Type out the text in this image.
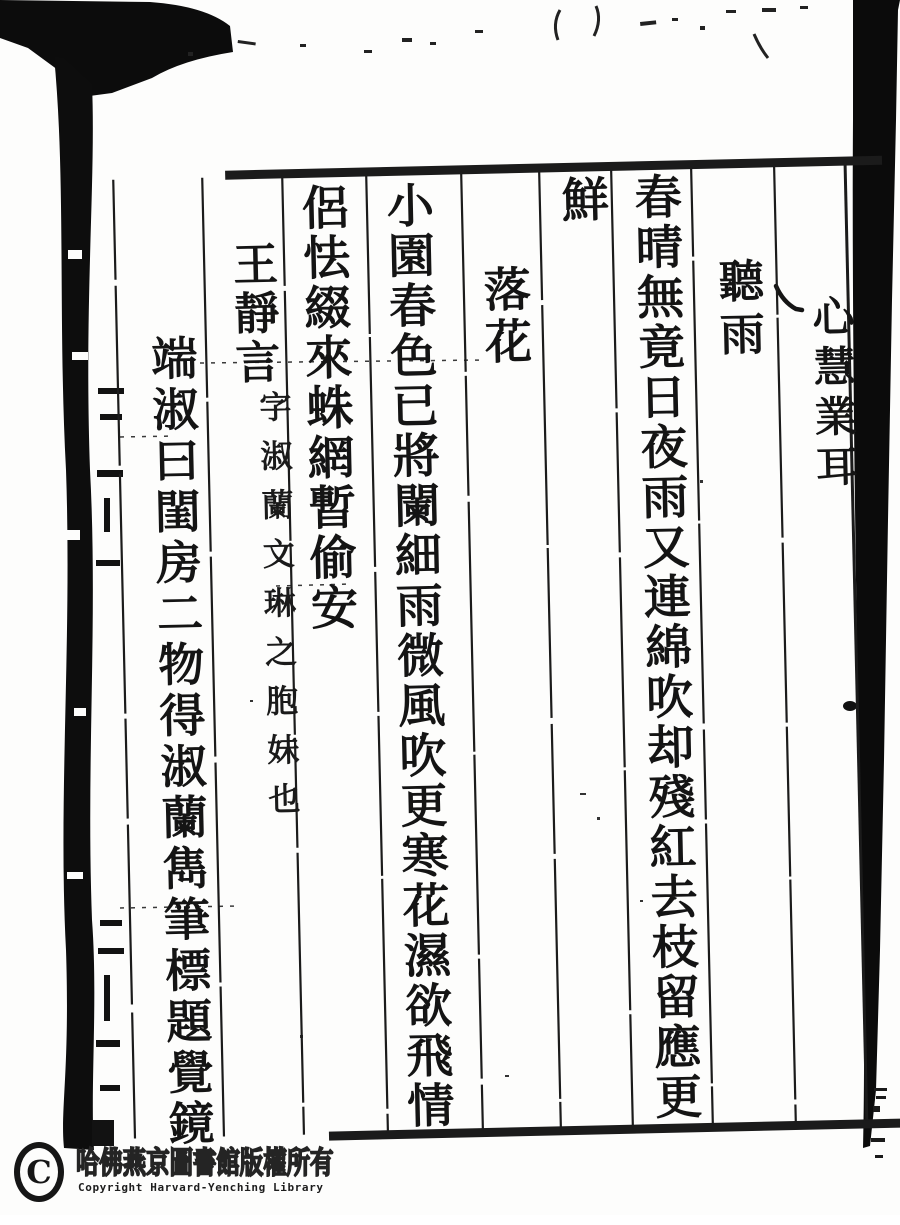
心慧業耳
聽雨
春晴無竟日夜雨又連綿吹却殘紅去枝留應更
鮮
落花
小園春色已將闌細雨微風吹更寒花濕欲飛情
侶怯綴來蛛網暫偷安
王靜言
字淑蘭文琳之胞妹也
端淑曰閨房二物得淑蘭雋筆標題覺鏡
C 哈佛燕京圖書館版權所有
Copyright Harvard-Yenching Library
